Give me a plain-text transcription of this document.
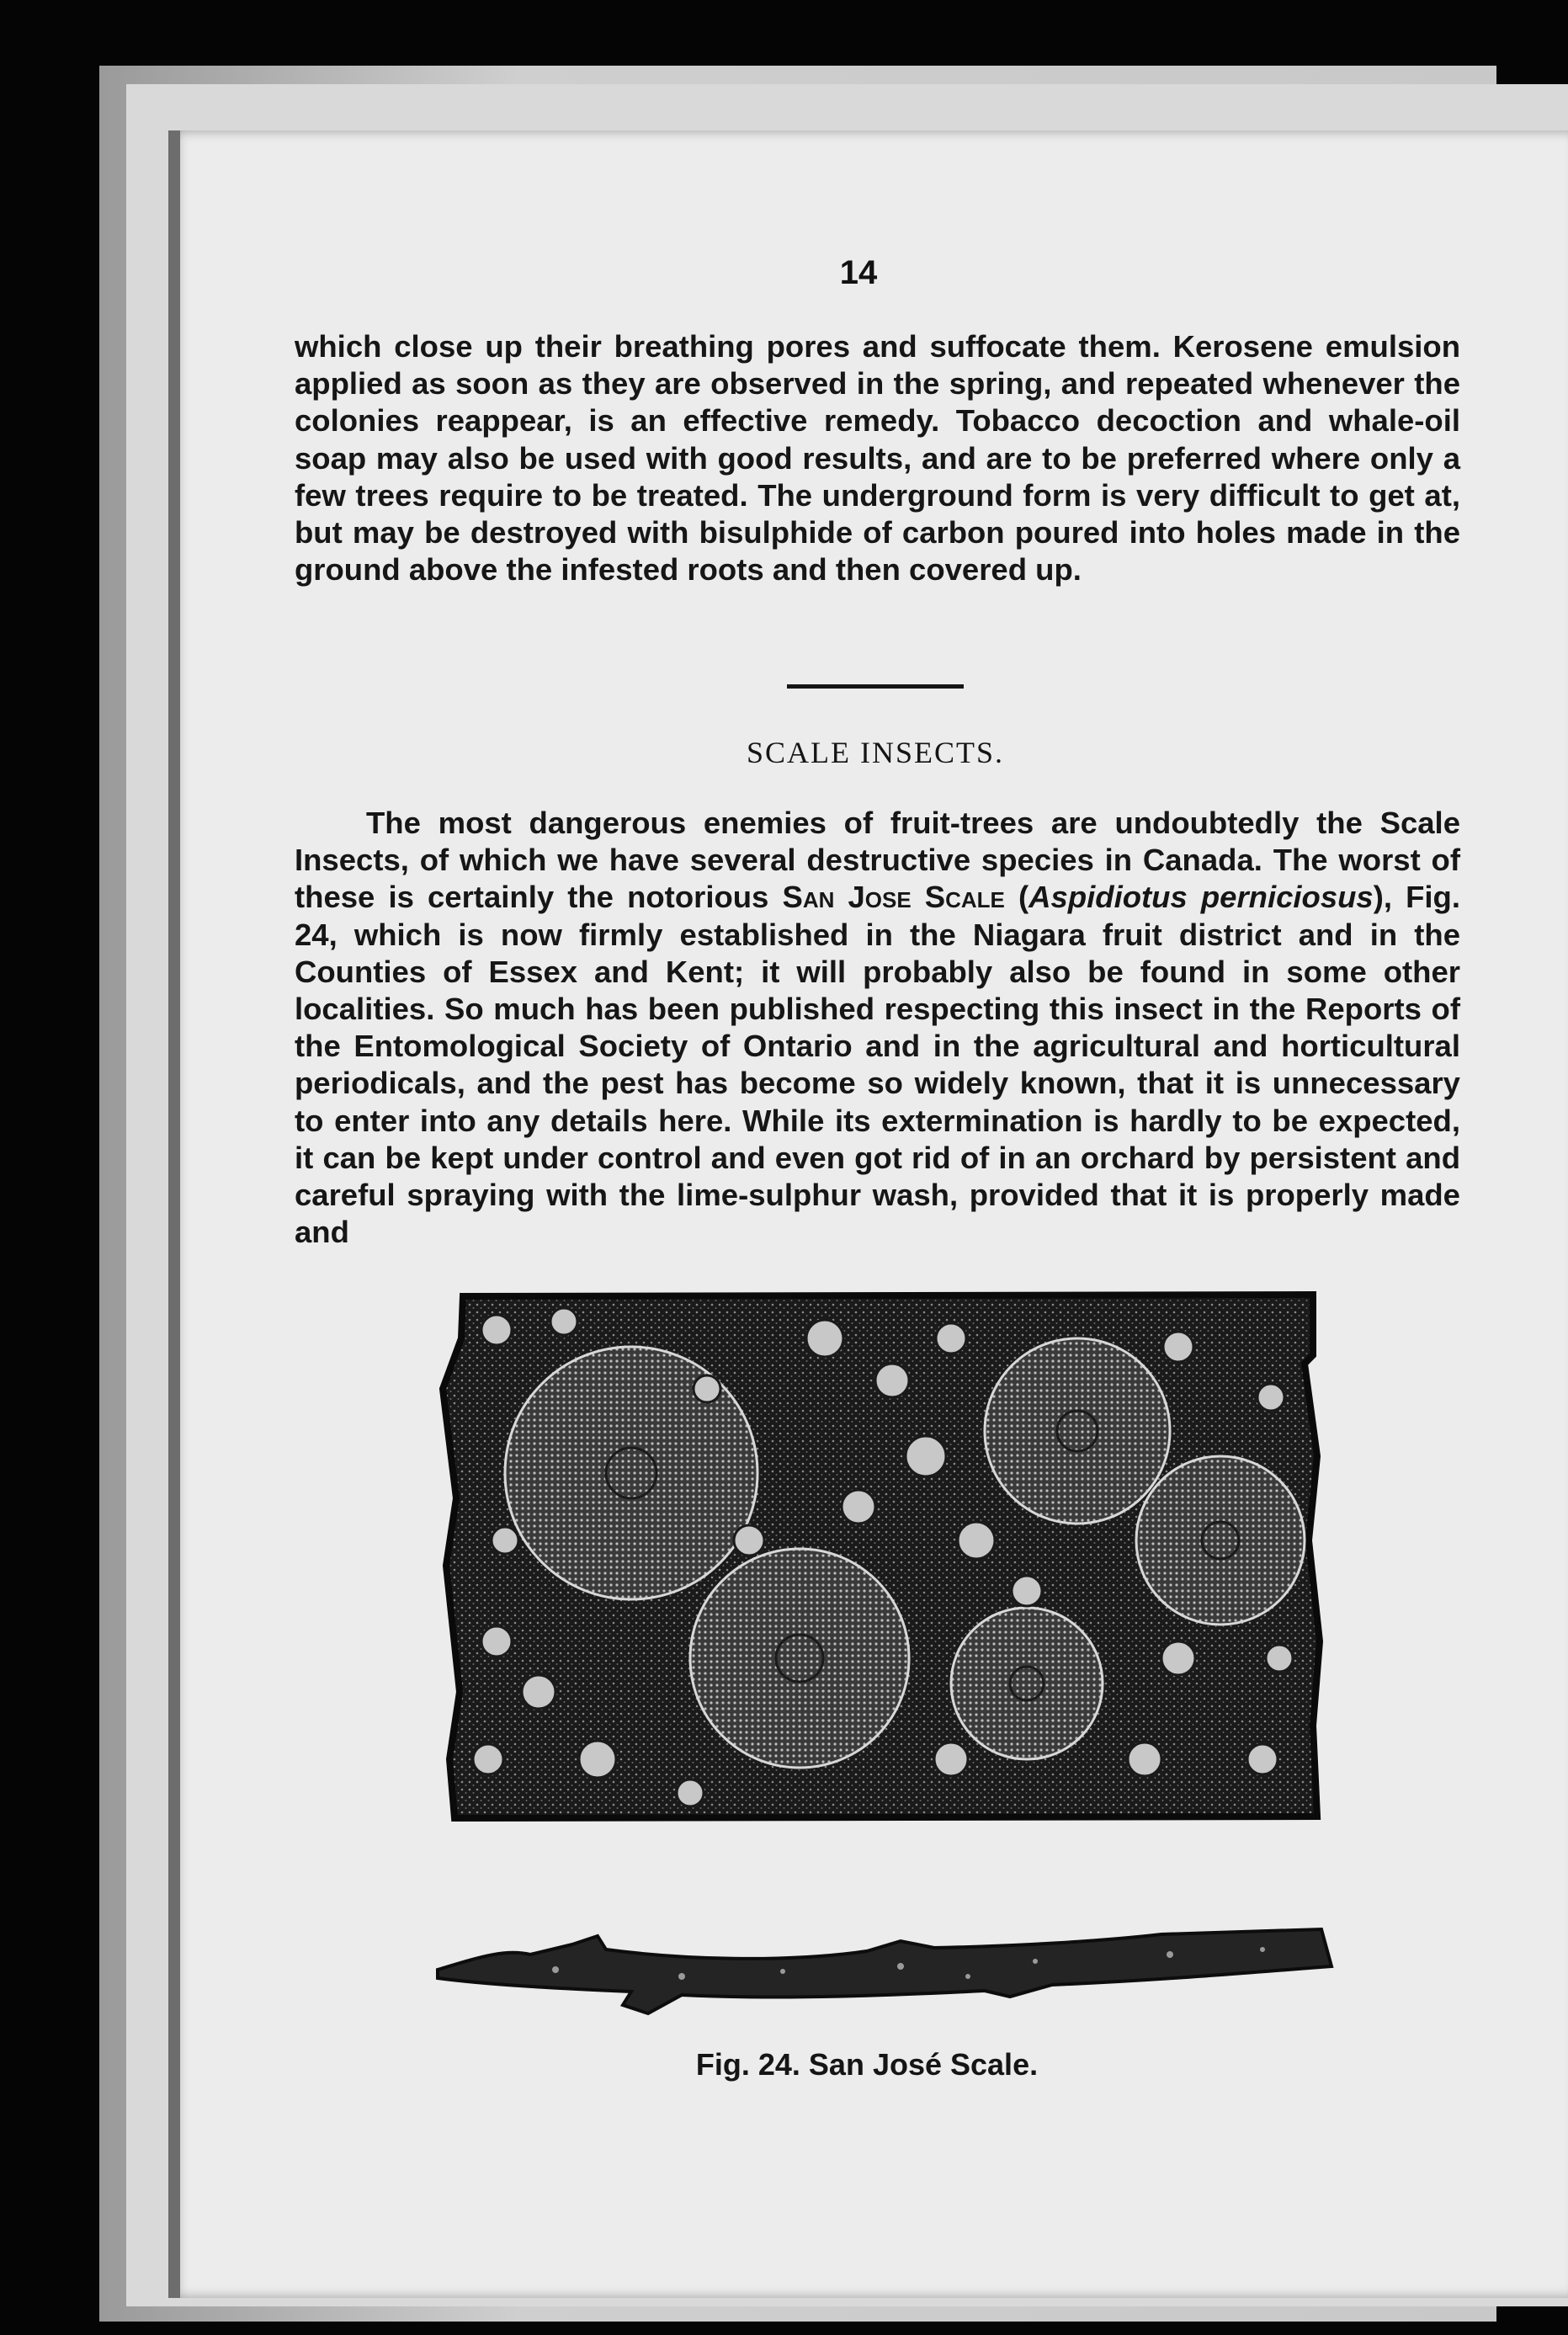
14

which close up their breathing pores and suffocate them. Kerosene emulsion applied as soon as they are observed in the spring, and repeated whenever the colonies reappear, is an effective remedy. Tobacco decoction and whale-oil soap may also be used with good results, and are to be preferred where only a few trees require to be treated. The underground form is very difficult to get at, but may be destroyed with bisulphide of carbon poured into holes made in the ground above the infested roots and then covered up.

SCALE INSECTS.

The most dangerous enemies of fruit-trees are undoubtedly the Scale Insects, of which we have several destructive species in Canada. The worst of these is certainly the notorious San Jose Scale (Aspidiotus perniciosus), Fig. 24, which is now firmly established in the Niagara fruit district and in the Counties of Essex and Kent; it will probably also be found in some other localities. So much has been published respecting this insect in the Reports of the Entomological Society of Ontario and in the agricultural and horticultural periodicals, and the pest has become so widely known, that it is unnecessary to enter into any details here. While its extermination is hardly to be expected, it can be kept under control and even got rid of in an orchard by persistent and careful spraying with the lime-sulphur wash, provided that it is properly made and

Fig. 24. San José Scale.
